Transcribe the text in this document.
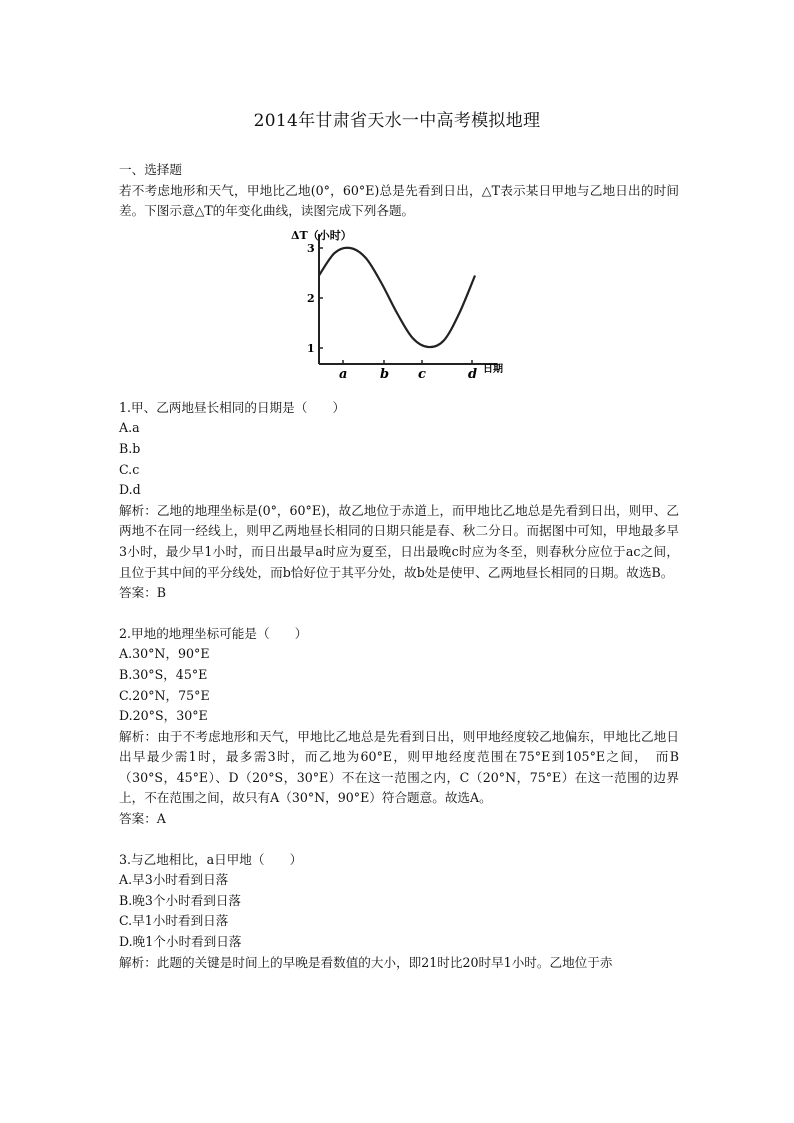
2014年甘肃省天水一中高考模拟地理
一、选择题
若不考虑地形和天气，甲地比乙地(0°，60°E)总是先看到日出，△T表示某日甲地与乙地日出的时间差。下图示意△T的年变化曲线，读图完成下列各题。
1
2
3
a	b c	d
ΔT（小时）
日期
1.甲、乙两地昼长相同的日期是（　　）
A.a
B.b
C.c
D.d
解析：乙地的地理坐标是(0°，60°E)，故乙地位于赤道上，而甲地比乙地总是先看到日出，则甲、乙两地不在同一经线上，则甲乙两地昼长相同的日期只能是春、秋二分日。而据图中可知，甲地最多早3小时，最少早1小时，而日出最早a时应为夏至，日出最晚c时应为冬至，则春秋分应位于ac之间，且位于其中间的平分线处，而b恰好位于其平分处，故b处是使甲、乙两地昼长相同的日期。故选B。
答案：B
2.甲地的地理坐标可能是（　　）
A.30°N，90°E
B.30°S，45°E
C.20°N，75°E
D.20°S，30°E
解析：由于不考虑地形和天气，甲地比乙地总是先看到日出，则甲地经度较乙地偏东，甲地比乙地日出早最少需1时，最多需3时，而乙地为60°E，则甲地经度范围在75°E到105°E之间，　而B（30°S，45°E）、D（20°S，30°E）不在这一范围之内，C（20°N，75°E）在这一范围的边界上，不在范围之间，故只有A（30°N，90°E）符合题意。故选A。
答案：A
3.与乙地相比，a日甲地（　　）
A.早3小时看到日落
B.晚3个小时看到日落
C.早1小时看到日落
D.晚1个小时看到日落
解析：此题的关键是时间上的早晚是看数值的大小，即21时比20时早1小时。乙地位于赤
